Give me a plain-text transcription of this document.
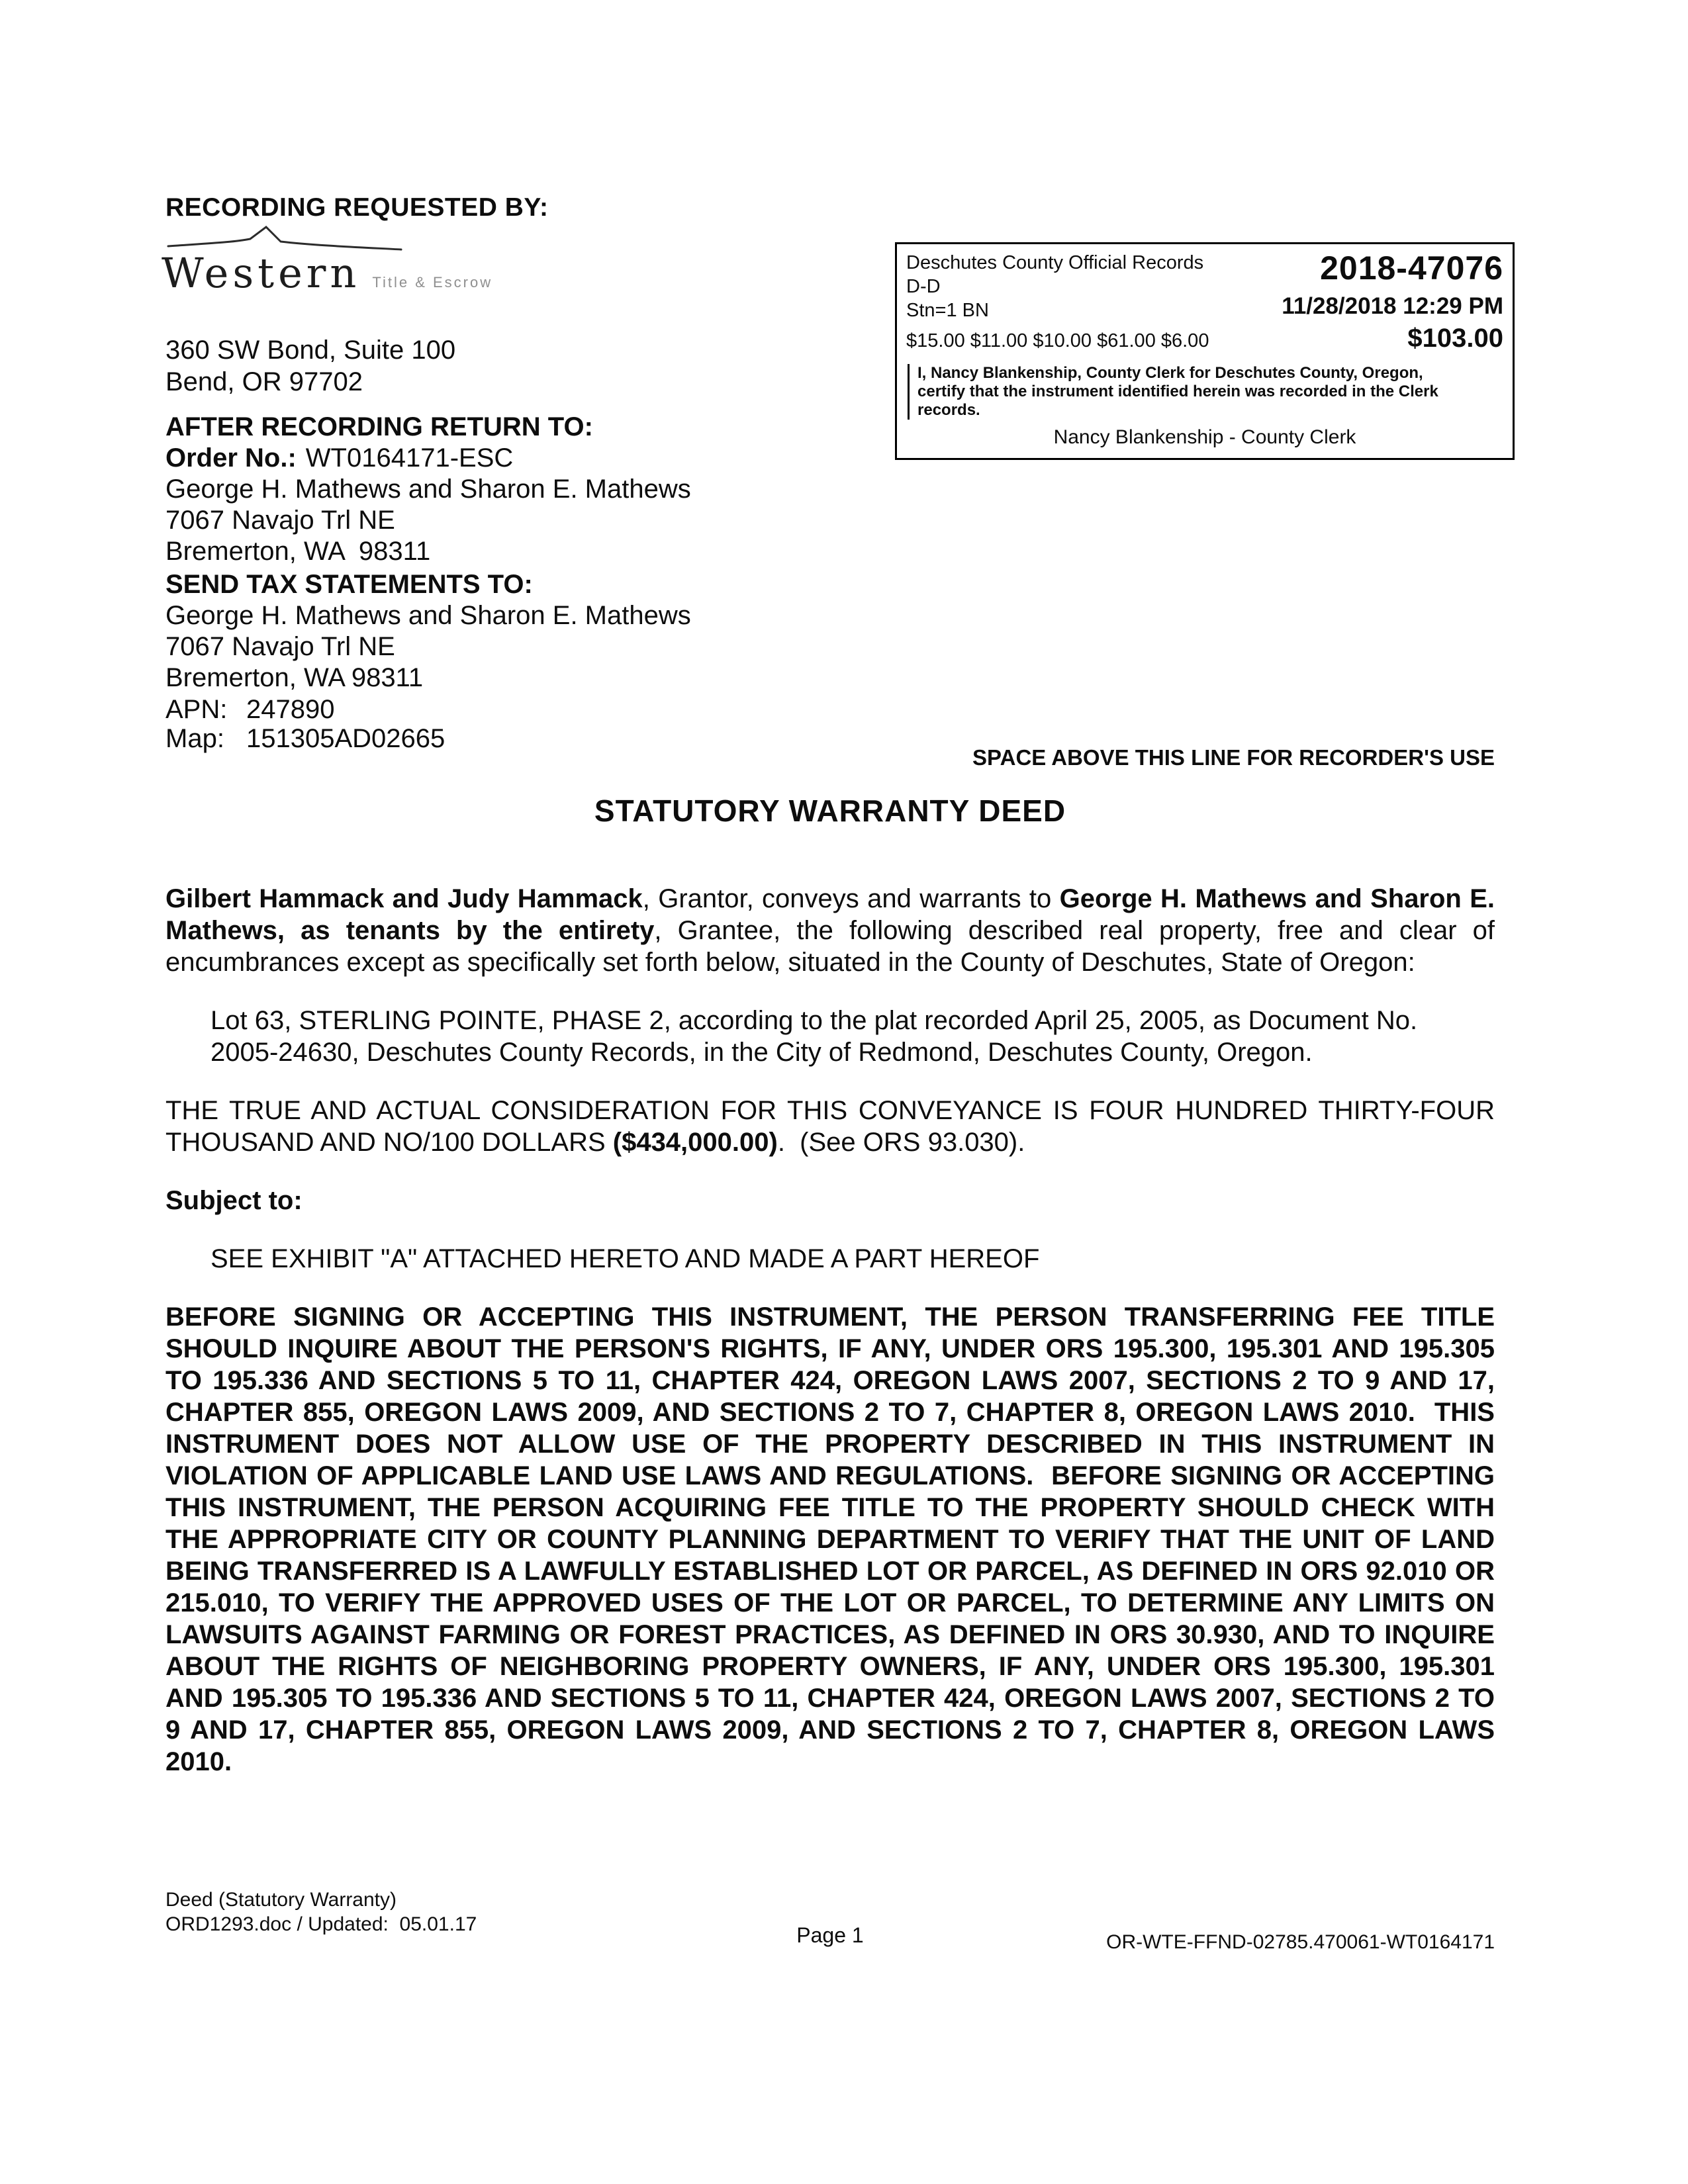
RECORDING REQUESTED BY:
Western Title & Escrow
360 SW Bond, Suite 100
Bend, OR 97702
AFTER RECORDING RETURN TO:
Order No.: WT0164171-ESC
George H. Mathews and Sharon E. Mathews
7067 Navajo Trl NE
Bremerton, WA  98311
SEND TAX STATEMENTS TO:
George H. Mathews and Sharon E. Mathews
7067 Navajo Trl NE
Bremerton, WA 98311
APN: 247890
Map: 151305AD02665
SPACE ABOVE THIS LINE FOR RECORDER'S USE
Deschutes County Official Records
D-D
Stn=1 BN
2018-47076
11/28/2018 12:29 PM
$15.00 $11.00 $10.00 $61.00 $6.00	$103.00
I, Nancy Blankenship, County Clerk for Deschutes County, Oregon, certify that the instrument identified herein was recorded in the Clerk records.
Nancy Blankenship - County Clerk
STATUTORY WARRANTY DEED

Gilbert Hammack and Judy Hammack, Grantor, conveys and warrants to George H. Mathews and Sharon E. Mathews, as tenants by the entirety, Grantee, the following described real property, free and clear of encumbrances except as specifically set forth below, situated in the County of Deschutes, State of Oregon:

Lot 63, STERLING POINTE, PHASE 2, according to the plat recorded April 25, 2005, as Document No. 2005-24630, Deschutes County Records, in the City of Redmond, Deschutes County, Oregon.

THE TRUE AND ACTUAL CONSIDERATION FOR THIS CONVEYANCE IS FOUR HUNDRED THIRTY-FOUR THOUSAND AND NO/100 DOLLARS ($434,000.00).  (See ORS 93.030).

Subject to:

SEE EXHIBIT "A" ATTACHED HERETO AND MADE A PART HEREOF

BEFORE SIGNING OR ACCEPTING THIS INSTRUMENT, THE PERSON TRANSFERRING FEE TITLE SHOULD INQUIRE ABOUT THE PERSON'S RIGHTS, IF ANY, UNDER ORS 195.300, 195.301 AND 195.305 TO 195.336 AND SECTIONS 5 TO 11, CHAPTER 424, OREGON LAWS 2007, SECTIONS 2 TO 9 AND 17, CHAPTER 855, OREGON LAWS 2009, AND SECTIONS 2 TO 7, CHAPTER 8, OREGON LAWS 2010.  THIS INSTRUMENT DOES NOT ALLOW USE OF THE PROPERTY DESCRIBED IN THIS INSTRUMENT IN VIOLATION OF APPLICABLE LAND USE LAWS AND REGULATIONS.  BEFORE SIGNING OR ACCEPTING THIS INSTRUMENT, THE PERSON ACQUIRING FEE TITLE TO THE PROPERTY SHOULD CHECK WITH THE APPROPRIATE CITY OR COUNTY PLANNING DEPARTMENT TO VERIFY THAT THE UNIT OF LAND BEING TRANSFERRED IS A LAWFULLY ESTABLISHED LOT OR PARCEL, AS DEFINED IN ORS 92.010 OR 215.010, TO VERIFY THE APPROVED USES OF THE LOT OR PARCEL, TO DETERMINE ANY LIMITS ON LAWSUITS AGAINST FARMING OR FOREST PRACTICES, AS DEFINED IN ORS 30.930, AND TO INQUIRE ABOUT THE RIGHTS OF NEIGHBORING PROPERTY OWNERS, IF ANY, UNDER ORS 195.300, 195.301 AND 195.305 TO 195.336 AND SECTIONS 5 TO 11, CHAPTER 424, OREGON LAWS 2007, SECTIONS 2 TO 9 AND 17, CHAPTER 855, OREGON LAWS 2009, AND SECTIONS 2 TO 7, CHAPTER 8, OREGON LAWS 2010.

Deed (Statutory Warranty)
ORD1293.doc / Updated:  05.01.17	Page 1	OR-WTE-FFND-02785.470061-WT0164171
